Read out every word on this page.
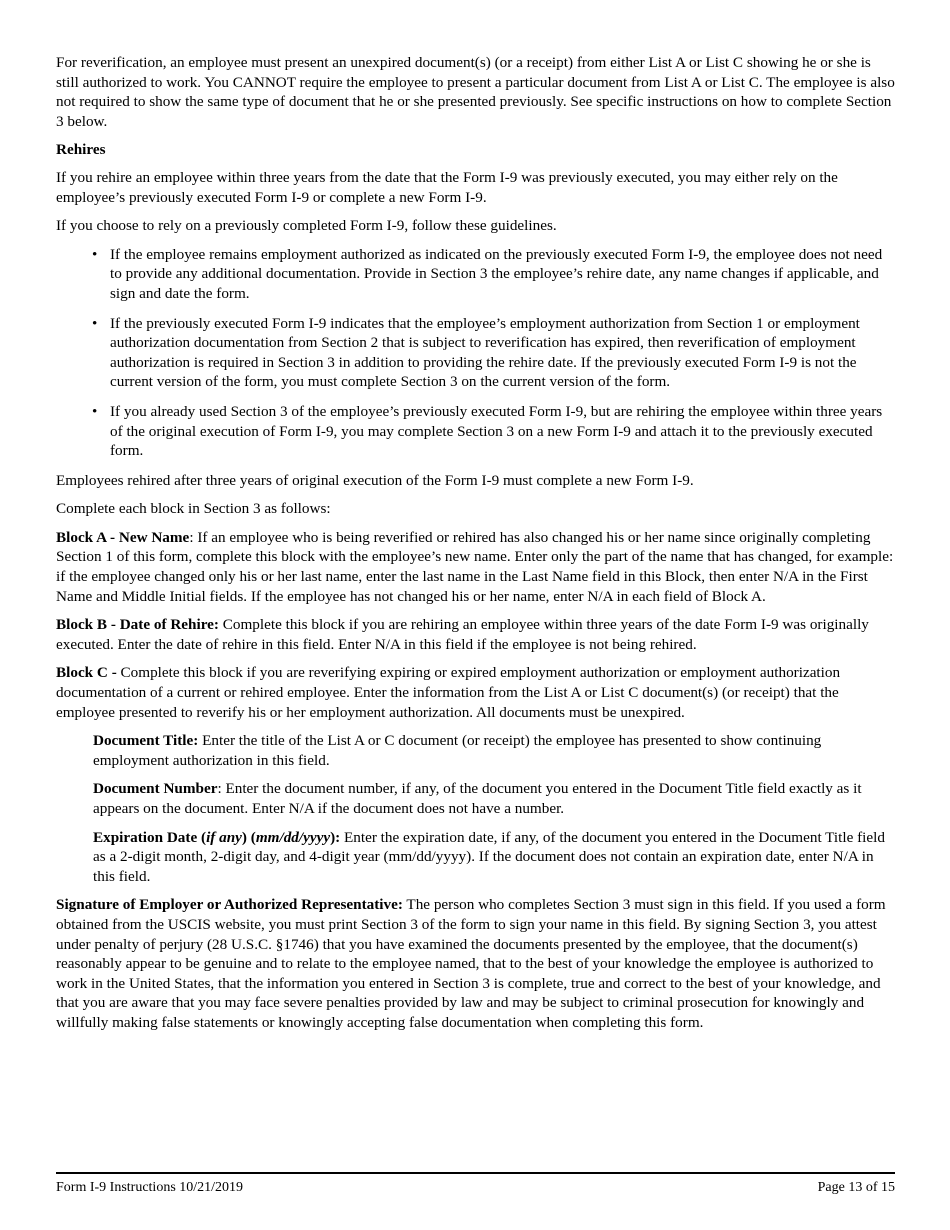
For reverification, an employee must present an unexpired document(s) (or a receipt) from either List A or List C showing he or she is still authorized to work. You CANNOT require the employee to present a particular document from List A or List C. The employee is also not required to show the same type of document that he or she presented previously. See specific instructions on how to complete Section 3 below.

Rehires

If you rehire an employee within three years from the date that the Form I-9 was previously executed, you may either rely on the employee’s previously executed Form I-9 or complete a new Form I-9.

If you choose to rely on a previously completed Form I-9, follow these guidelines.

• If the employee remains employment authorized as indicated on the previously executed Form I-9, the employee does not need to provide any additional documentation. Provide in Section 3 the employee’s rehire date, any name changes if applicable, and sign and date the form.
• If the previously executed Form I-9 indicates that the employee’s employment authorization from Section 1 or employment authorization documentation from Section 2 that is subject to reverification has expired, then reverification of employment authorization is required in Section 3 in addition to providing the rehire date. If the previously executed Form I-9 is not the current version of the form, you must complete Section 3 on the current version of the form.
• If you already used Section 3 of the employee’s previously executed Form I-9, but are rehiring the employee within three years of the original execution of Form I-9, you may complete Section 3 on a new Form I-9 and attach it to the previously executed form.

Employees rehired after three years of original execution of the Form I-9 must complete a new Form I-9.

Complete each block in Section 3 as follows:

Block A - New Name: If an employee who is being reverified or rehired has also changed his or her name since originally completing Section 1 of this form, complete this block with the employee’s new name. Enter only the part of the name that has changed, for example: if the employee changed only his or her last name, enter the last name in the Last Name field in this Block, then enter N/A in the First Name and Middle Initial fields. If the employee has not changed his or her name, enter N/A in each field of Block A.

Block B - Date of Rehire: Complete this block if you are rehiring an employee within three years of the date Form I-9 was originally executed. Enter the date of rehire in this field. Enter N/A in this field if the employee is not being rehired.

Block C - Complete this block if you are reverifying expiring or expired employment authorization or employment authorization documentation of a current or rehired employee. Enter the information from the List A or List C document(s) (or receipt) that the employee presented to reverify his or her employment authorization. All documents must be unexpired.

Document Title: Enter the title of the List A or C document (or receipt) the employee has presented to show continuing employment authorization in this field.

Document Number: Enter the document number, if any, of the document you entered in the Document Title field exactly as it appears on the document. Enter N/A if the document does not have a number.

Expiration Date (if any) (mm/dd/yyyy): Enter the expiration date, if any, of the document you entered in the Document Title field as a 2-digit month, 2-digit day, and 4-digit year (mm/dd/yyyy). If the document does not contain an expiration date, enter N/A in this field.

Signature of Employer or Authorized Representative: The person who completes Section 3 must sign in this field. If you used a form obtained from the USCIS website, you must print Section 3 of the form to sign your name in this field. By signing Section 3, you attest under penalty of perjury (28 U.S.C. §1746) that you have examined the documents presented by the employee, that the document(s) reasonably appear to be genuine and to relate to the employee named, that to the best of your knowledge the employee is authorized to work in the United States, that the information you entered in Section 3 is complete, true and correct to the best of your knowledge, and that you are aware that you may face severe penalties provided by law and may be subject to criminal prosecution for knowingly and willfully making false statements or knowingly accepting false documentation when completing this form.

Form I-9 Instructions 10/21/2019	Page 13 of 15
